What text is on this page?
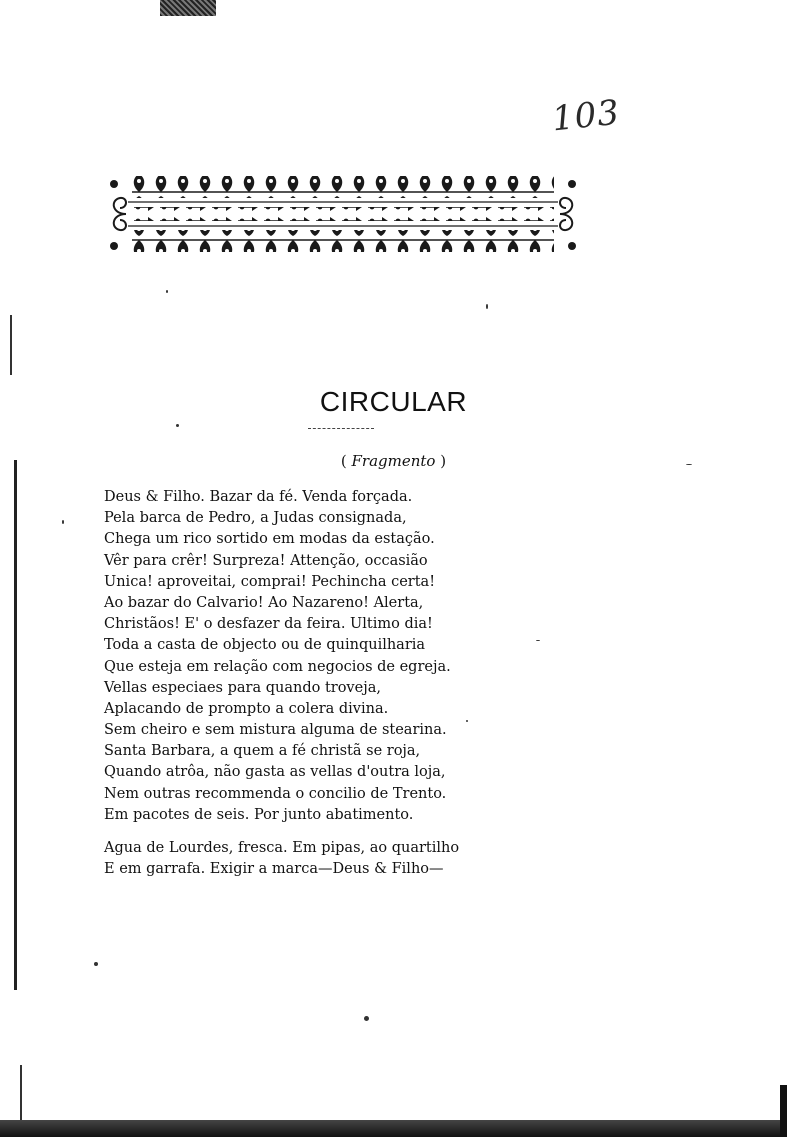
103
CIRCULAR
( Fragmento )
Deus & Filho. Bazar da fé. Venda forçada.
Pela barca de Pedro, a Judas consignada,
Chega um rico sortido em modas da estação.
Vêr para crêr! Surpreza! Attenção, occasião
Unica! aproveitai, comprai! Pechincha certa!
Ao bazar do Calvario! Ao Nazareno! Alerta,
Christãos! E' o desfazer da feira. Ultimo dia!
Toda a casta de objecto ou de quinquilharia
Que esteja em relação com negocios de egreja.
Vellas especiaes para quando troveja,
Aplacando de prompto a colera divina.
Sem cheiro e sem mistura alguma de stearina.
Santa Barbara, a quem a fé christã se roja,
Quando atrôa, não gasta as vellas d'outra loja,
Nem outras recommenda o concilio de Trento.
Em pacotes de seis. Por junto abatimento.
Agua de Lourdes, fresca. Em pipas, ao quartilho
E em garrafa. Exigir a marca—Deus & Filho—
